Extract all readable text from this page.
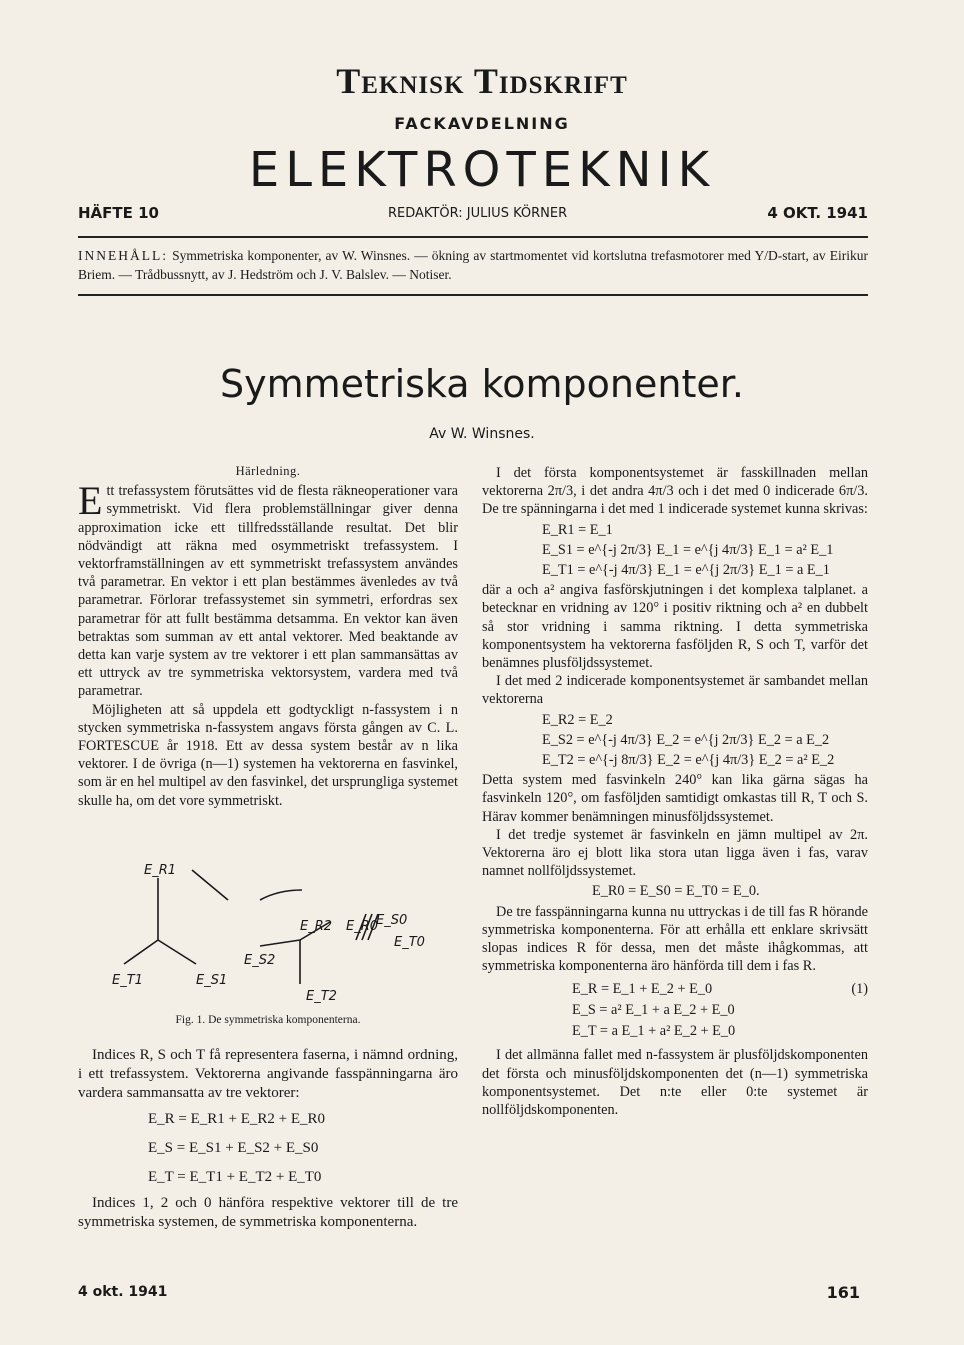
Teknisk Tidskrift
FACKAVDELNING
ELEKTROTEKNIK
HÄFTE 10	REDAKTÖR: JULIUS KÖRNER	4 OKT. 1941
INNEHÅLL: Symmetriska komponenter, av W. Winsnes. — ökning av startmomentet vid kortslutna trefasmotorer med Y/D-start, av Eirikur Briem. — Trådbussnytt, av J. Hedström och J. V. Balslev. — Notiser.
Symmetriska komponenter.
Av W. Winsnes.

Härledning.

Ett trefassystem förutsättes vid de flesta räkneoperationer vara symmetriskt. Vid flera problemställningar giver denna approximation icke ett tillfredsställande resultat. Det blir nödvändigt att räkna med osymmetriskt trefassystem. I vektorframställningen av ett symmetriskt trefassystem användes två parametrar. En vektor i ett plan bestämmes ävenledes av två parametrar. Förlorar trefassystemet sin symmetri, erfordras sex parametrar för att fullt bestämma detsamma. En vektor kan även betraktas som summan av ett antal vektorer. Med beaktande av detta kan varje system av tre vektorer i ett plan sammansättas av ett uttryck av tre symmetriska vektorsystem, vardera med två parametrar.

Möjligheten att så uppdela ett godtyckligt n-fassystem i n stycken symmetriska n-fassystem angavs första gången av C. L. FORTESCUE år 1918. Ett av dessa system består av n lika vektorer. I de övriga (n—1) systemen ha vektorerna en fasvinkel, som är en hel multipel av den fasvinkel, det ursprungliga systemet skulle ha, om det vore symmetriskt.

E_R1
E_T1	E_S1
E_R2
E_S2
E_T2
E_R0
E_S0
E_T0
Fig. 1. De symmetriska komponenterna.

Indices R, S och T få representera faserna, i nämnd ordning, i ett trefassystem. Vektorerna angivande fasspänningarna äro vardera sammansatta av tre vektorer:

E_R = E_R1 + E_R2 + E_R0

E_S = E_S1 + E_S2 + E_S0

E_T = E_T1 + E_T2 + E_T0

Indices 1, 2 och 0 hänföra respektive vektorer till de tre symmetriska systemen, de symmetriska komponenterna.

I det första komponentsystemet är fasskillnaden mellan vektorerna 2π/3, i det andra 4π/3 och i det med 0 indicerade 6π/3. De tre spänningarna i det med 1 indicerade systemet kunna skrivas:

E_R1 = E_1

E_S1 = e^{-j 2π/3} E_1 = e^{j 4π/3} E_1 = a² E_1

E_T1 = e^{-j 4π/3} E_1 = e^{j 2π/3} E_1 = a E_1

där a och a² angiva fasförskjutningen i det komplexa talplanet. a betecknar en vridning av 120° i positiv riktning och a² en dubbelt så stor vridning i samma riktning. I detta symmetriska komponentsystem ha vektorerna fasföljden R, S och T, varför det benämnes plusföljdssystemet.

I det med 2 indicerade komponentsystemet är sambandet mellan vektorerna

E_R2 = E_2

E_S2 = e^{-j 4π/3} E_2 = e^{j 2π/3} E_2 = a E_2

E_T2 = e^{-j 8π/3} E_2 = e^{j 4π/3} E_2 = a² E_2

Detta system med fasvinkeln 240° kan lika gärna sägas ha fasvinkeln 120°, om fasföljden samtidigt omkastas till R, T och S. Härav kommer benämningen minusföljdssystemet.

I det tredje systemet är fasvinkeln en jämn multipel av 2π. Vektorerna äro ej blott lika stora utan ligga även i fas, varav namnet nollföljdssystemet.

E_R0 = E_S0 = E_T0 = E_0.

De tre fasspänningarna kunna nu uttryckas i de till fas R hörande symmetriska komponenterna. För att erhålla ett enklare skrivsätt slopas indices R för dessa, men det måste ihågkommas, att symmetriska komponenterna äro hänförda till dem i fas R.

(1)
E_R = E_1 + E_2 + E_0
E_S = a² E_1 + a E_2 + E_0
E_T = a E_1 + a² E_2 + E_0

I det allmänna fallet med n-fassystem är plusföljdskomponenten det första och minusföljdskomponenten det (n—1) symmetriska komponentsystemet. Det n:te eller 0:te systemet är nollföljdskomponenten.

4 okt. 1941	161
